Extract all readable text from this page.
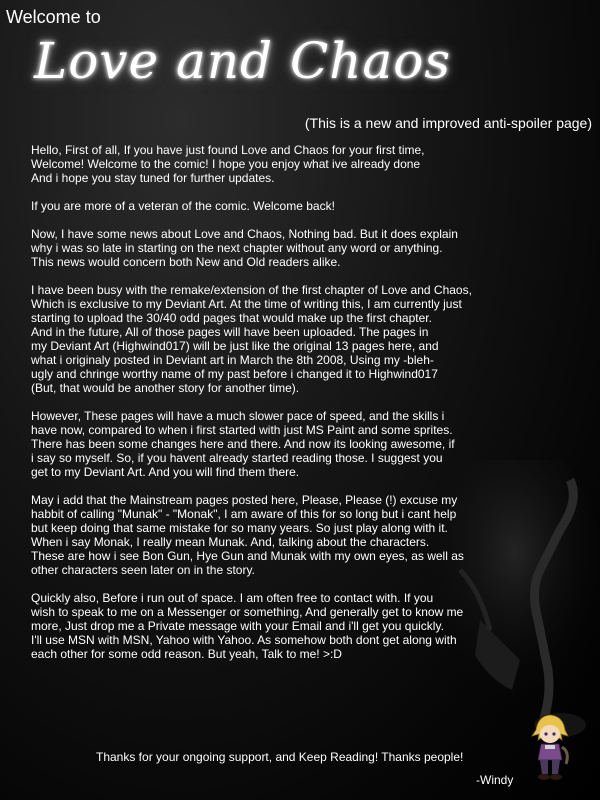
Welcome to
Love and Chaos
(This is a new and improved anti-spoiler page)

Hello, First of all, If you have just found Love and Chaos for your first time,
Welcome! Welcome to the comic! I hope you enjoy what ive already done
And i hope you stay tuned for further updates.

If you are more of a veteran of the comic. Welcome back!

Now, I have some news about Love and Chaos, Nothing bad. But it does explain
why i was so late in starting on the next chapter without any word or anything.
This news would concern both New and Old readers alike.

I have been busy with the remake/extension of the first chapter of Love and Chaos,
Which is exclusive to my Deviant Art. At the time of writing this, I am currently just
starting to upload the 30/40 odd pages that would make up the first chapter.
And in the future, All of those pages will have been uploaded. The pages in
my Deviant Art (Highwind017) will be just like the original 13 pages here, and
what i originaly posted in Deviant art in March the 8th 2008, Using my -bleh-
ugly and chringe worthy name of my past before i changed it to Highwind017
(But, that would be another story for another time).

However, These pages will have a much slower pace of speed, and the skills i
have now, compared to when i first started with just MS Paint and some sprites.
There has been some changes here and there. And now its looking awesome, if
i say so myself. So, if you havent already started reading those. I suggest you
get to my Deviant Art. And you will find them there.

May i add that the Mainstream pages posted here, Please, Please (!) excuse my
habbit of calling "Munak" - "Monak", I am aware of this for so long but i cant help
but keep doing that same mistake for so many years. So just play along with it.
When i say Monak, I really mean Munak. And, talking about the characters.
These are how i see Bon Gun, Hye Gun and Munak with my own eyes, as well as
other characters seen later on in the story.

Quickly also, Before i run out of space. I am often free to contact with. If you
wish to speak to me on a Messenger or something, And generally get to know me
more, Just drop me a Private message with your Email and i'll get you quickly.
I'll use MSN with MSN, Yahoo with Yahoo. As somehow both dont get along with
each other for some odd reason. But yeah, Talk to me! >:D

Thanks for your ongoing support, and Keep Reading! Thanks people!
-Windy
